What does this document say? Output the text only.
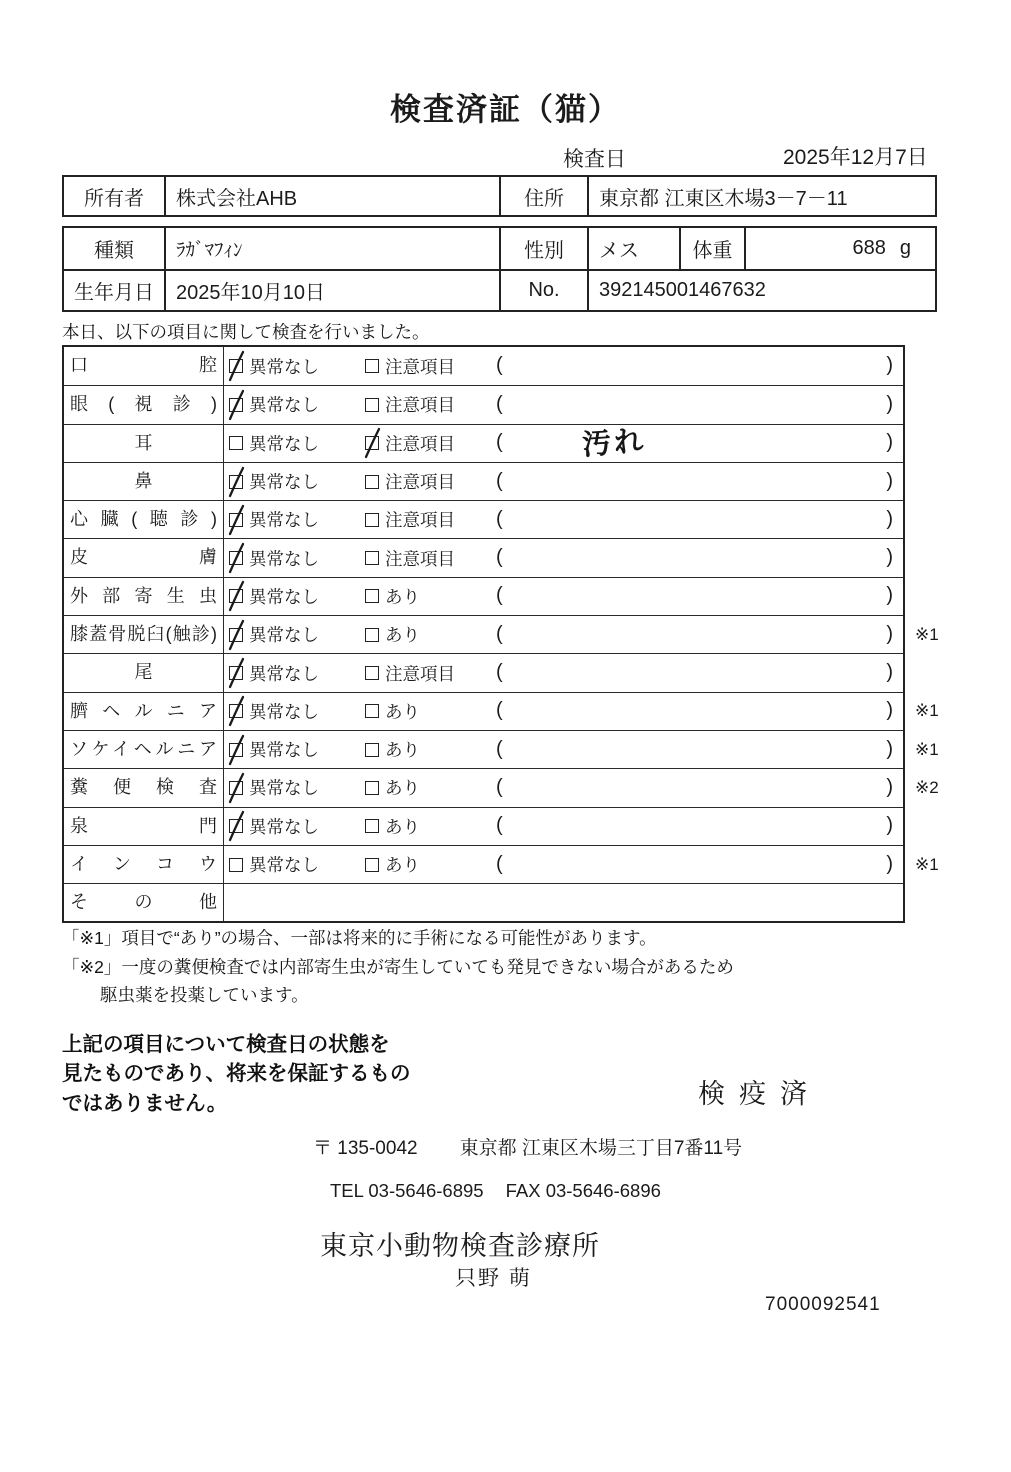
検査済証（猫）
検査日	2025年12月7日
所有者	株式会社AHB	住所	東京都 江東区木場3－7－11
種類	ﾗｶﾞﾏﾌｨﾝ	性別	メス	体重	688 g
生年月日	2025年10月10日	No.	392145001467632
本日、以下の項目に関して検査を行いました。
口腔	異常なし	注意項目 (	)
眼(視診)	異常なし	注意項目 (	)
耳	異常なし	注意項目 (	汚れ	)
鼻	異常なし	注意項目 (	)
心臓(聴診)	異常なし	注意項目 (	)
皮膚	異常なし	注意項目 (	)
外部寄生虫	異常なし	あり	(	)
膝蓋骨脱臼(触診)	異常なし	あり	(	)	※1
尾	異常なし	注意項目 (	)
臍ヘルニア	異常なし	あり	(	)	※1
ソケイヘルニア	異常なし	あり	(	)	※1
糞便検査	異常なし	あり	(	)	※2
泉門	異常なし	あり	(	)
インコウ	異常なし	あり	(	)	※1
その他
「※1」項目で“あり”の場合、一部は将来的に手術になる可能性があります。
「※2」一度の糞便検査では内部寄生虫が寄生していても発見できない場合があるため
駆虫薬を投薬しています。
上記の項目について検査日の状態を
見たものであり、将来を保証するもの
ではありません。	検疫済
〒 135-0042 東京都 江東区木場三丁目7番11号
TEL 03-5646-6895 FAX 03-5646-6896
東京小動物検査診療所
只野 萌
7000092541
